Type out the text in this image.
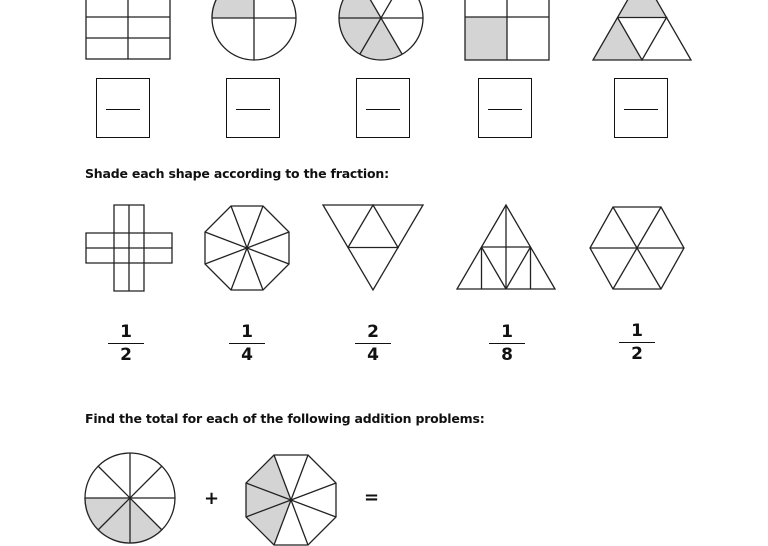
Shade each shape according to the fraction:
1
2
1
4
2
4
1
8
1
2
Find the total for each of the following addition problems:
+	=
